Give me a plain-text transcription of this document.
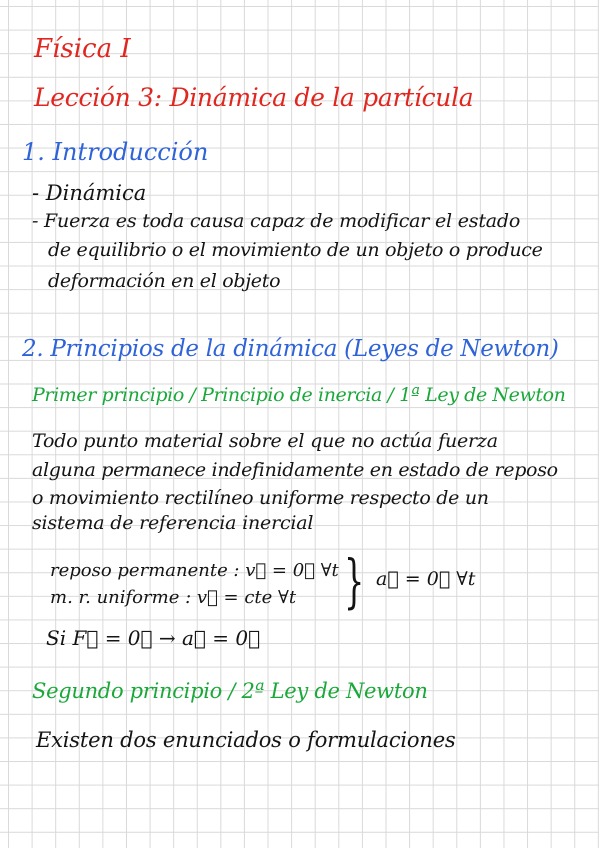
Física I
Lección 3: Dinámica de la partícula
1. Introducción
- Dinámica
- Fuerza es toda causa capaz de modificar el estado
de equilibrio o el movimiento de un objeto o produce
deformación en el objeto
2. Principios de la dinámica (Leyes de Newton)
Primer principio / Principio de inercia / 1ª Ley de Newton
Todo punto material sobre el que no actúa fuerza
alguna permanece indefinidamente en estado de reposo
o movimiento rectilíneo uniforme respecto de un
sistema de referencia inercial
reposo permanente : v⃗ = 0⃗ ∀t
m. r. uniforme : v⃗ = cte ∀t } a⃗ = 0⃗ ∀t
Si F⃗ = 0⃗ → a⃗ = 0⃗
Segundo principio / 2ª Ley de Newton
Existen dos enunciados o formulaciones
